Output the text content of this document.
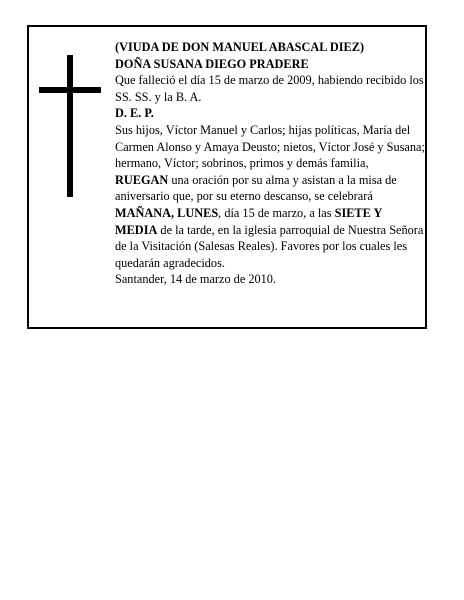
(VIUDA DE DON MANUEL ABASCAL DIEZ)

DOÑA SUSANA DIEGO PRADERE

Que falleció el día 15 de marzo de 2009, habiendo recibido los SS. SS. y la B. A.

D. E. P.

Sus hijos, Víctor Manuel y Carlos; hijas políticas, María del Carmen Alonso y Amaya Deusto; nietos, Víctor José y Susana; hermano, Víctor; sobrinos, primos y demás familia,

RUEGAN una oración por su alma y asistan a la misa de aniversario que, por su eterno descanso, se celebrará MAÑANA, LUNES, día 15 de marzo, a las SIETE Y MEDIA de la tarde, en la iglesia parroquial de Nuestra Señora de la Visitación (Salesas Reales). Favores por los cuales les quedarán agradecidos.

Santander, 14 de marzo de 2010.
